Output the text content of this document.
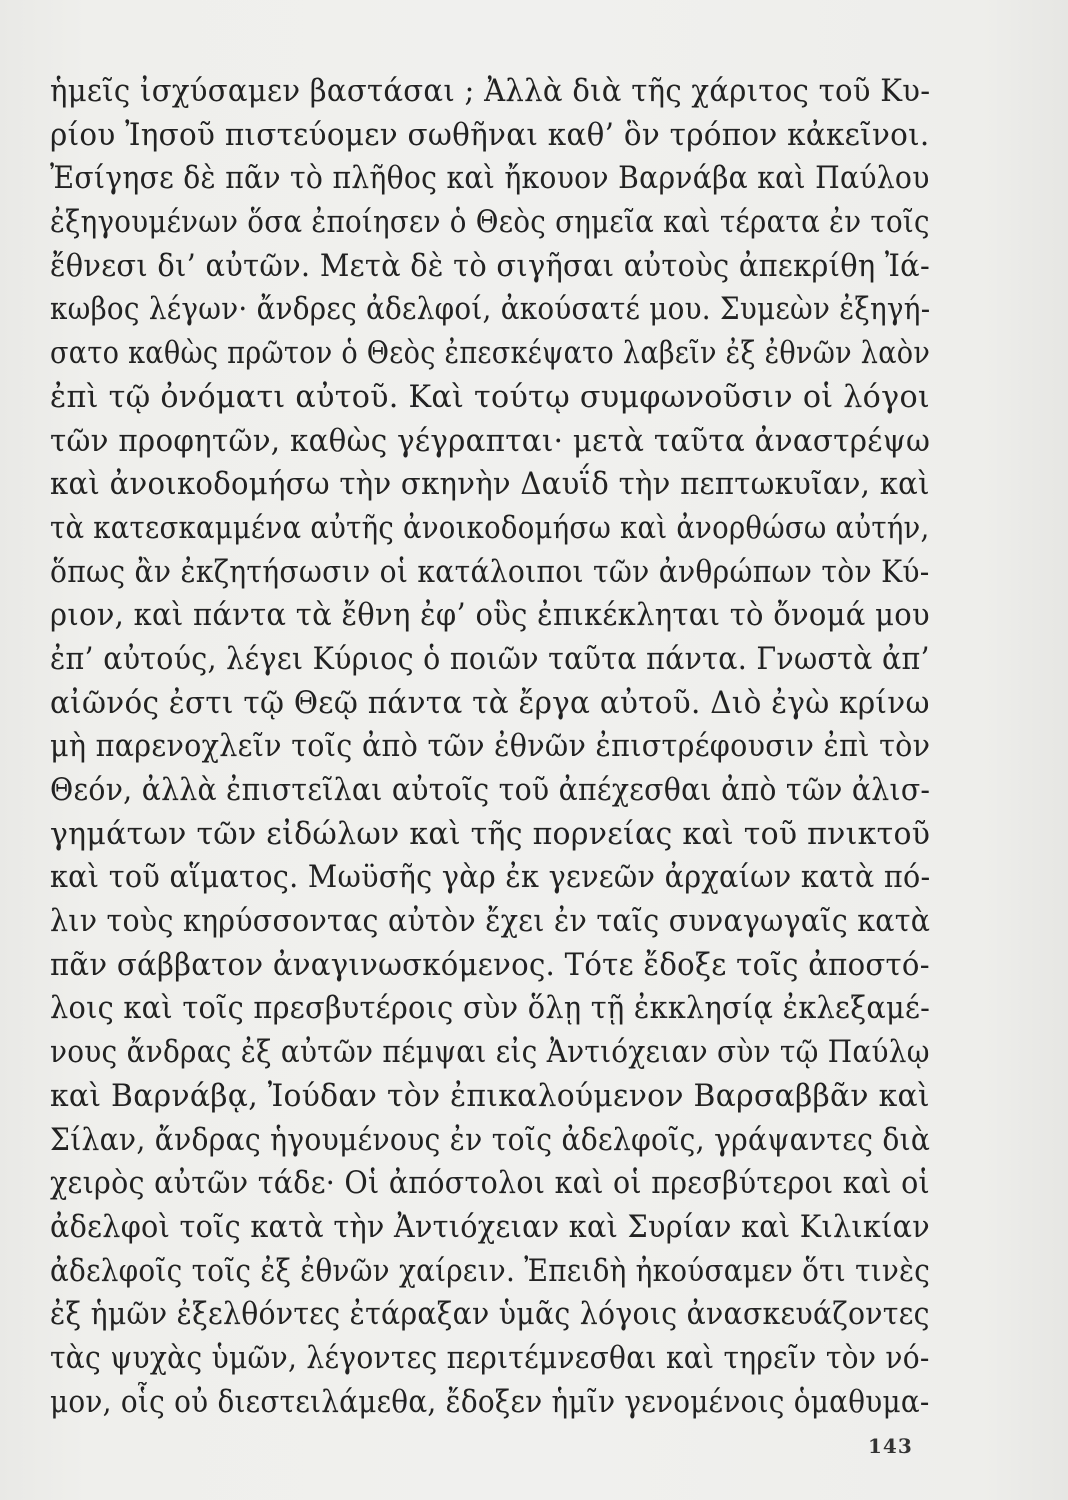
ἡμεῖς ἰσχύσαμεν βαστάσαι ; Ἀλλὰ διὰ τῆς χάριτος τοῦ Κυ-
ρίου Ἰησοῦ πιστεύομεν σωθῆναι καθ’ ὃν τρόπον κἀκεῖνοι.
Ἐσίγησε δὲ πᾶν τὸ πλῆθος καὶ ἤκουον Βαρνάβα καὶ Παύλου
ἐξηγουμένων ὅσα ἐποίησεν ὁ Θεὸς σημεῖα καὶ τέρατα ἐν τοῖς
ἔθνεσι δι’ αὐτῶν. Μετὰ δὲ τὸ σιγῆσαι αὐτοὺς ἀπεκρίθη Ἰά-
κωβος λέγων· ἄνδρες ἀδελφοί, ἀκούσατέ μου. Συμεὼν ἐξηγή-
σατο καθὼς πρῶτον ὁ Θεὸς ἐπεσκέψατο λαβεῖν ἐξ ἐθνῶν λαὸν
ἐπὶ τῷ ὀνόματι αὐτοῦ. Καὶ τούτῳ συμφωνοῦσιν οἱ λόγοι
τῶν προφητῶν, καθὼς γέγραπται· μετὰ ταῦτα ἀναστρέψω
καὶ ἀνοικοδομήσω τὴν σκηνὴν Δαυΐδ τὴν πεπτωκυῖαν, καὶ
τὰ κατεσκαμμένα αὐτῆς ἀνοικοδομήσω καὶ ἀνορθώσω αὐτήν,
ὅπως ἂν ἐκζητήσωσιν οἱ κατάλοιποι τῶν ἀνθρώπων τὸν Κύ-
ριον, καὶ πάντα τὰ ἔθνη ἐφ’ οὓς ἐπικέκληται τὸ ὄνομά μου
ἐπ’ αὐτούς, λέγει Κύριος ὁ ποιῶν ταῦτα πάντα. Γνωστὰ ἀπ’
αἰῶνός ἐστι τῷ Θεῷ πάντα τὰ ἔργα αὐτοῦ. Διὸ ἐγὼ κρίνω
μὴ παρενοχλεῖν τοῖς ἀπὸ τῶν ἐθνῶν ἐπιστρέφουσιν ἐπὶ τὸν
Θεόν, ἀλλὰ ἐπιστεῖλαι αὐτοῖς τοῦ ἀπέχεσθαι ἀπὸ τῶν ἀλισ-
γημάτων τῶν εἰδώλων καὶ τῆς πορνείας καὶ τοῦ πνικτοῦ
καὶ τοῦ αἵματος. Μωϋσῆς γὰρ ἐκ γενεῶν ἀρχαίων κατὰ πό-
λιν τοὺς κηρύσσοντας αὐτὸν ἔχει ἐν ταῖς συναγωγαῖς κατὰ
πᾶν σάββατον ἀναγινωσκόμενος. Τότε ἔδοξε τοῖς ἀποστό-
λοις καὶ τοῖς πρεσβυτέροις σὺν ὅλῃ τῇ ἐκκλησίᾳ ἐκλεξαμέ-
νους ἄνδρας ἐξ αὐτῶν πέμψαι εἰς Ἀντιόχειαν σὺν τῷ Παύλῳ
καὶ Βαρνάβᾳ, Ἰούδαν τὸν ἐπικαλούμενον Βαρσαββᾶν καὶ
Σίλαν, ἄνδρας ἡγουμένους ἐν τοῖς ἀδελφοῖς, γράψαντες διὰ
χειρὸς αὐτῶν τάδε· Οἱ ἀπόστολοι καὶ οἱ πρεσβύτεροι καὶ οἱ
ἀδελφοὶ τοῖς κατὰ τὴν Ἀντιόχειαν καὶ Συρίαν καὶ Κιλικίαν
ἀδελφοῖς τοῖς ἐξ ἐθνῶν χαίρειν. Ἐπειδὴ ἠκούσαμεν ὅτι τινὲς
ἐξ ἡμῶν ἐξελθόντες ἐτάραξαν ὑμᾶς λόγοις ἀνασκευάζοντες
τὰς ψυχὰς ὑμῶν, λέγοντες περιτέμνεσθαι καὶ τηρεῖν τὸν νό-
μον, οἷς οὐ διεστειλάμεθα, ἔδοξεν ἡμῖν γενομένοις ὁμαθυμα-
143
